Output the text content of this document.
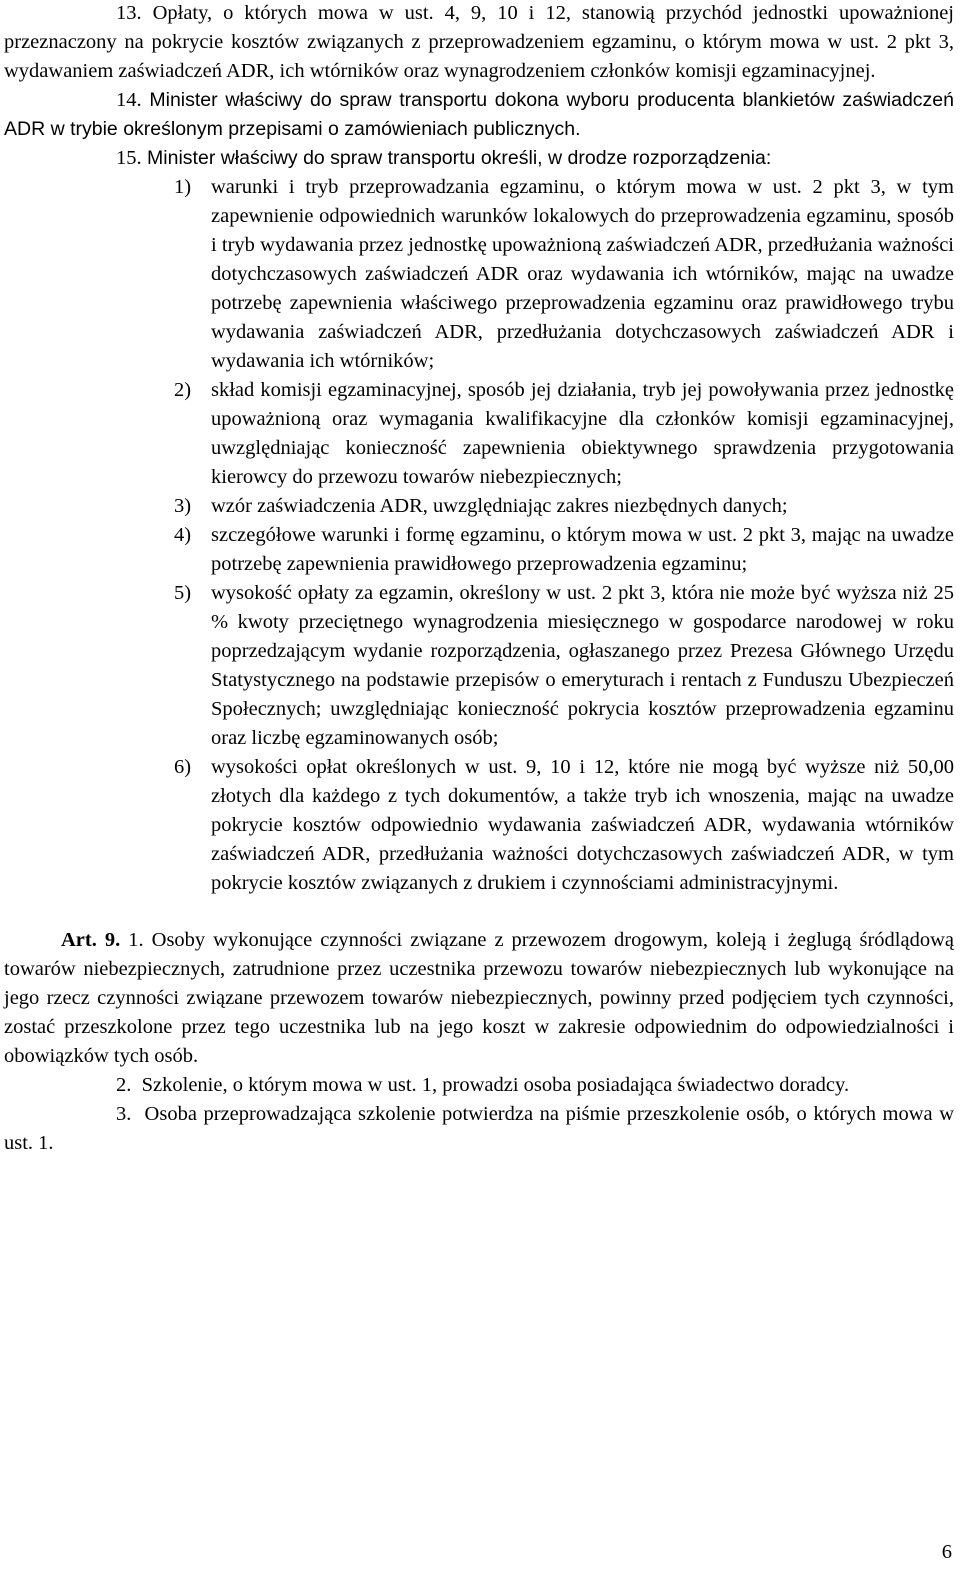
13. Opłaty, o których mowa w ust. 4, 9, 10 i 12, stanowią przychód jednostki upoważnionej przeznaczony na pokrycie kosztów związanych z przeprowadzeniem egzaminu, o którym mowa w ust. 2 pkt 3, wydawaniem zaświadczeń ADR, ich wtórników oraz wynagrodzeniem członków komisji egzaminacyjnej.

14. Minister właściwy do spraw transportu dokona wyboru producenta blankietów zaświadczeń ADR w trybie określonym przepisami o zamówieniach publicznych.

15. Minister właściwy do spraw transportu określi, w drodze rozporządzenia:

1) warunki i tryb przeprowadzania egzaminu, o którym mowa w ust. 2 pkt 3, w tym zapewnienie odpowiednich warunków lokalowych do przeprowadzenia egzaminu, sposób i tryb wydawania przez jednostkę upoważnioną zaświadczeń ADR, przedłużania ważności dotychczasowych zaświadczeń ADR oraz wydawania ich wtórników, mając na uwadze potrzebę zapewnienia właściwego przeprowadzenia egzaminu oraz prawidłowego trybu wydawania zaświadczeń ADR, przedłużania dotychczasowych zaświadczeń ADR i wydawania ich wtórników;
2) skład komisji egzaminacyjnej, sposób jej działania, tryb jej powoływania przez jednostkę upoważnioną oraz wymagania kwalifikacyjne dla członków komisji egzaminacyjnej, uwzględniając konieczność zapewnienia obiektywnego sprawdzenia przygotowania kierowcy do przewozu towarów niebezpiecznych;
3) wzór zaświadczenia ADR, uwzględniając zakres niezbędnych danych;
4) szczegółowe warunki i formę egzaminu, o którym mowa w ust. 2 pkt 3, mając na uwadze potrzebę zapewnienia prawidłowego przeprowadzenia egzaminu;
5) wysokość opłaty za egzamin, określony w ust. 2 pkt 3, która nie może być wyższa niż 25 % kwoty przeciętnego wynagrodzenia miesięcznego w gospodarce narodowej w roku poprzedzającym wydanie rozporządzenia, ogłaszanego przez Prezesa Głównego Urzędu Statystycznego na podstawie przepisów o emeryturach i rentach z Funduszu Ubezpieczeń Społecznych; uwzględniając konieczność pokrycia kosztów przeprowadzenia egzaminu oraz liczbę egzaminowanych osób;
6) wysokości opłat określonych w ust. 9, 10 i 12, które nie mogą być wyższe niż 50,00 złotych dla każdego z tych dokumentów, a także tryb ich wnoszenia, mając na uwadze pokrycie kosztów odpowiednio wydawania zaświadczeń ADR, wydawania wtórników zaświadczeń ADR, przedłużania ważności dotychczasowych zaświadczeń ADR, w tym pokrycie kosztów związanych z drukiem i czynnościami administracyjnymi.

Art. 9. 1. Osoby wykonujące czynności związane z przewozem drogowym, koleją i żeglugą śródlądową towarów niebezpiecznych, zatrudnione przez uczestnika przewozu towarów niebezpiecznych lub wykonujące na jego rzecz czynności związane przewozem towarów niebezpiecznych, powinny przed podjęciem tych czynności, zostać przeszkolone przez tego uczestnika lub na jego koszt w zakresie odpowiednim do odpowiedzialności i obowiązków tych osób.

2. Szkolenie, o którym mowa w ust. 1, prowadzi osoba posiadająca świadectwo doradcy.

3. Osoba przeprowadzająca szkolenie potwierdza na piśmie przeszkolenie osób, o których mowa w ust. 1.

6
